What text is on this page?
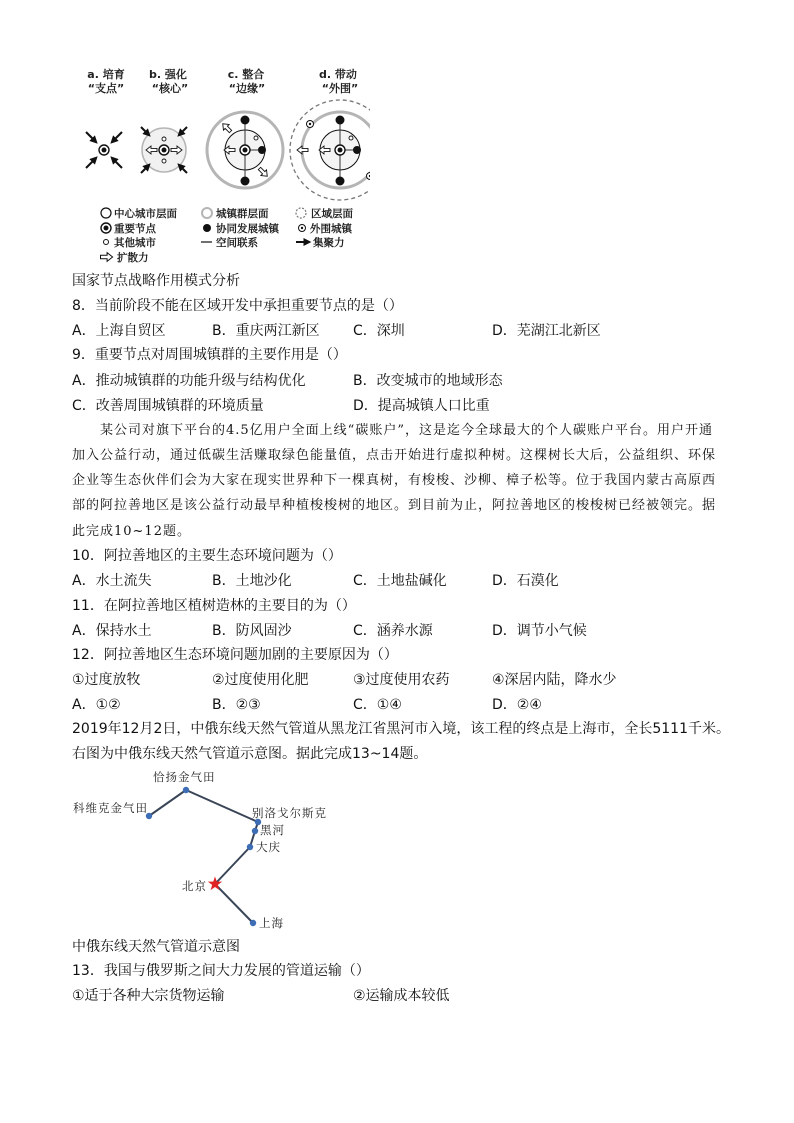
a. 培育
“支点”
b. 强化
“核心”
c. 整合
“边缘”
d. 带动
“外围”
中心城市层面	城镇群层面	区域层面
重要节点	协同发展城镇	外围城镇
其他城市	空间联系	集聚力
扩散力
国家节点战略作用模式分析
8．当前阶段不能在区域开发中承担重要节点的是（）
A．上海自贸区	B．重庆两江新区 C．深圳	D．芜湖江北新区
9．重要节点对周围城镇群的主要作用是（）
A．推动城镇群的功能升级与结构优化	B．改变城市的地域形态
C．改善周围城镇群的环境质量	D．提高城镇人口比重
某公司对旗下平台的4.5亿用户全面上线“碳账户”，这是迄今全球最大的个人碳账户平台。用户开通
加入公益行动，通过低碳生活赚取绿色能量值，点击开始进行虚拟种树。这棵树长大后，公益组织、环保
企业等生态伙伴们会为大家在现实世界种下一棵真树，有梭梭、沙柳、樟子松等。位于我国内蒙古高原西
部的阿拉善地区是该公益行动最早种植梭梭树的地区。到目前为止，阿拉善地区的梭梭树已经被领完。据
此完成10~12题。
10．阿拉善地区的主要生态环境问题为（）
A．水土流失	B．土地沙化	C．土地盐碱化	D．石漠化
11．在阿拉善地区植树造林的主要目的为（）
A．保持水土	B．防风固沙	C．涵养水源	D．调节小气候
12．阿拉善地区生态环境问题加剧的主要原因为（）
①过度放牧	②过度使用化肥	③过度使用农药	④深居内陆，降水少
A．①②	B．②③	C．①④	D．②④
2019年12月2日，中俄东线天然气管道从黑龙江省黑河市入境，该工程的终点是上海市，全长5111千米。
右图为中俄东线天然气管道示意图。据此完成13~14题。
恰扬金气田
科维克金气田	别洛戈尔斯克
黑河
大庆
北京
上海
中俄东线天然气管道示意图
13．我国与俄罗斯之间大力发展的管道运输（）
①适于各种大宗货物运输	②运输成本较低
